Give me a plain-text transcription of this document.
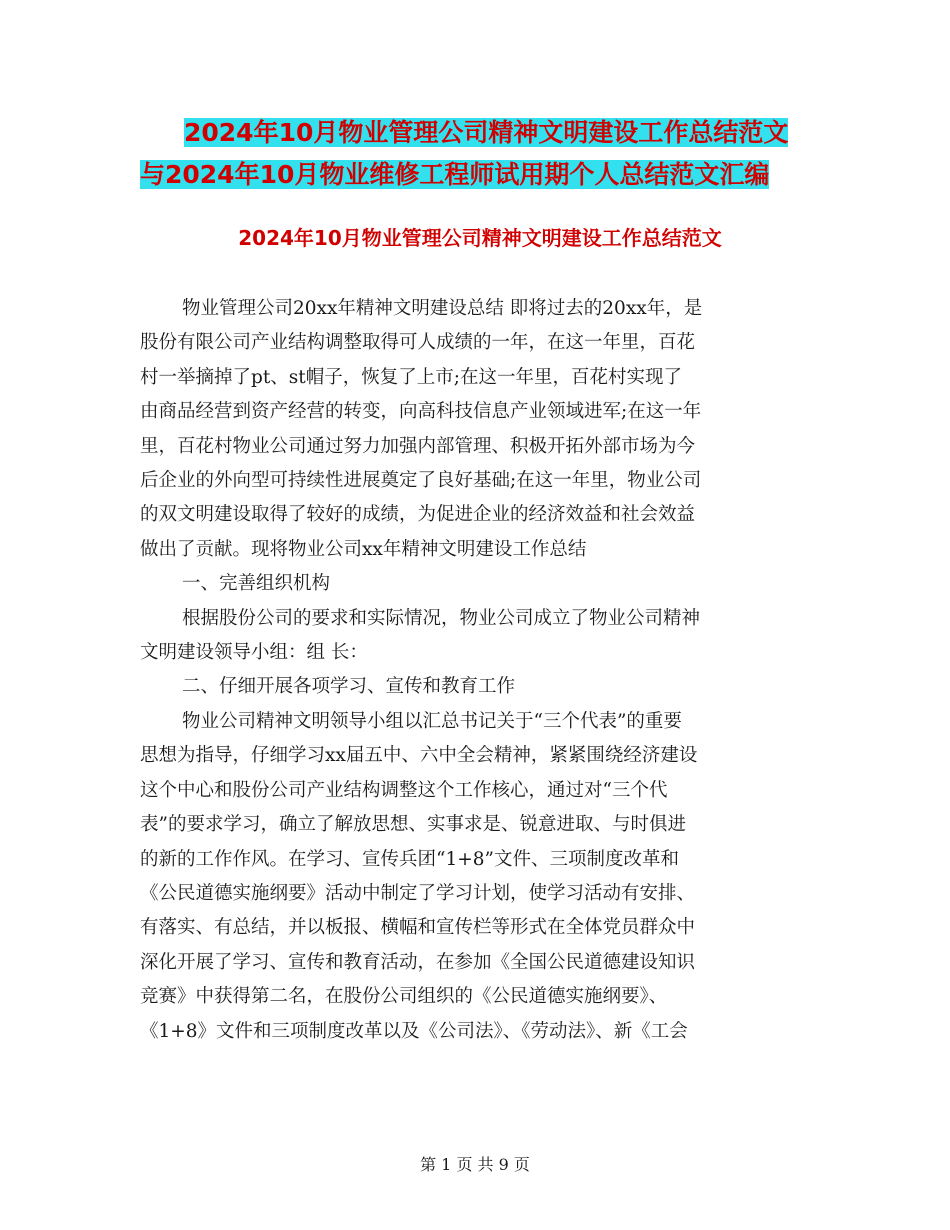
2024年10月物业管理公司精神文明建设工作总结范文
与2024年10月物业维修工程师试用期个人总结范文汇编
2024年10月物业管理公司精神文明建设工作总结范文
物业管理公司20xx年精神文明建设总结 即将过去的20xx年，是
股份有限公司产业结构调整取得可人成绩的一年，在这一年里，百花
村一举摘掉了pt、st帽子，恢复了上市;在这一年里，百花村实现了
由商品经营到资产经营的转变，向高科技信息产业领域进军;在这一年
里，百花村物业公司通过努力加强内部管理、积极开拓外部市场为今
后企业的外向型可持续性进展奠定了良好基础;在这一年里，物业公司
的双文明建设取得了较好的成绩，为促进企业的经济效益和社会效益
做出了贡献。现将物业公司xx年精神文明建设工作总结
一、完善组织机构
根据股份公司的要求和实际情况，物业公司成立了物业公司精神
文明建设领导小组：组 长：
二、仔细开展各项学习、宣传和教育工作
物业公司精神文明领导小组以汇总书记关于“三个代表”的重要
思想为指导，仔细学习xx届五中、六中全会精神，紧紧围绕经济建设
这个中心和股份公司产业结构调整这个工作核心，通过对“三个代
表”的要求学习，确立了解放思想、实事求是、锐意进取、与时俱进
的新的工作作风。在学习、宣传兵团“1+8”文件、三项制度改革和
《公民道德实施纲要》活动中制定了学习计划，使学习活动有安排、
有落实、有总结，并以板报、横幅和宣传栏等形式在全体党员群众中
深化开展了学习、宣传和教育活动，在参加《全国公民道德建设知识
竞赛》中获得第二名，在股份公司组织的《公民道德实施纲要》、
《1+8》文件和三项制度改革以及《公司法》、《劳动法》、新《工会
第 1 页 共 9 页
